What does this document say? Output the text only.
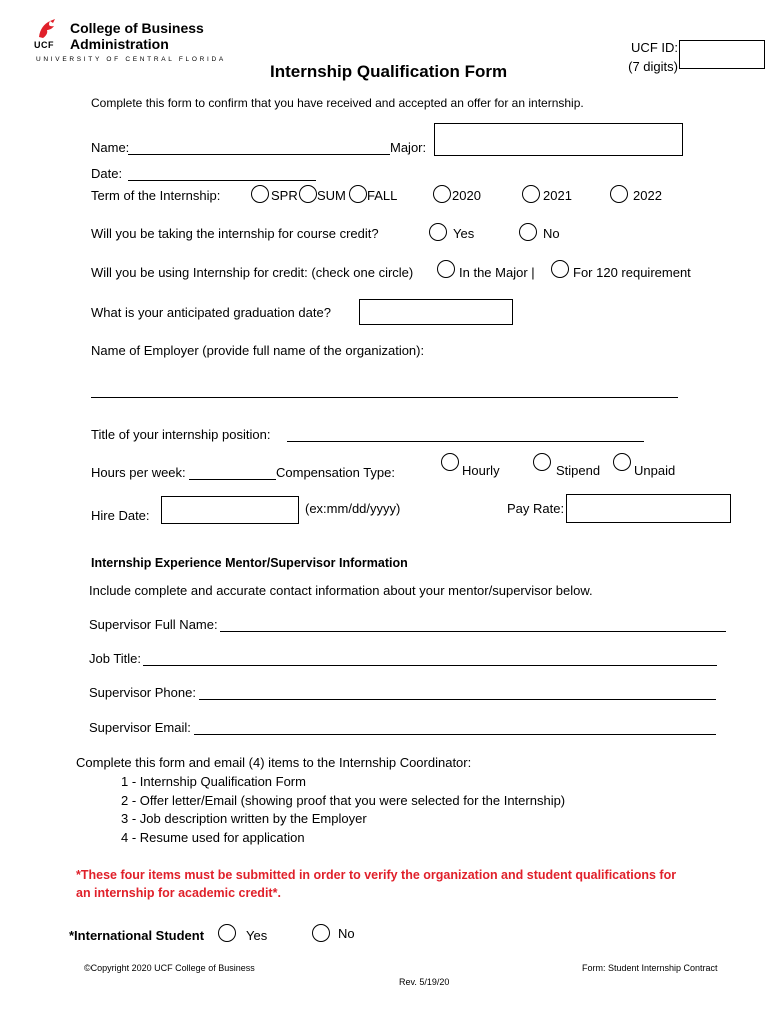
UCF
College of Business
Administration
UNIVERSITY OF CENTRAL FLORIDA
Internship Qualification Form
UCF ID:
(7 digits)
Complete this form to confirm that you have received and accepted an offer for an internship.
Name:	Major:
Date:
Term of the Internship:	SPR SUM FALL	2020	2021	2022
Will you be taking the internship for course credit?	Yes	No
Will you be using Internship for credit: (check one circle)	In the Major |	For 120 requirement
What is your anticipated graduation date?
Name of Employer (provide full name of the organization):
Title of your internship position:
Hours per week:	Compensation Type:	Hourly	Stipend	Unpaid
Hire Date:	(ex:mm/dd/yyyy)	Pay Rate:
Internship Experience Mentor/Supervisor Information
Include complete and accurate contact information about your mentor/supervisor below.
Supervisor Full Name:
Job Title:
Supervisor Phone:
Supervisor Email:
Complete this form and email (4) items to the Internship Coordinator:
1 - Internship Qualification Form
2 - Offer letter/Email (showing proof that you were selected for the Internship)
3 - Job description written by the Employer
4 - Resume used for application
*These four items must be submitted in order to verify the organization and student qualifications for
an internship for academic credit*.
*International Student	Yes	No
©Copyright 2020 UCF College of Business	Form: Student Internship Contract
Rev. 5/19/20
